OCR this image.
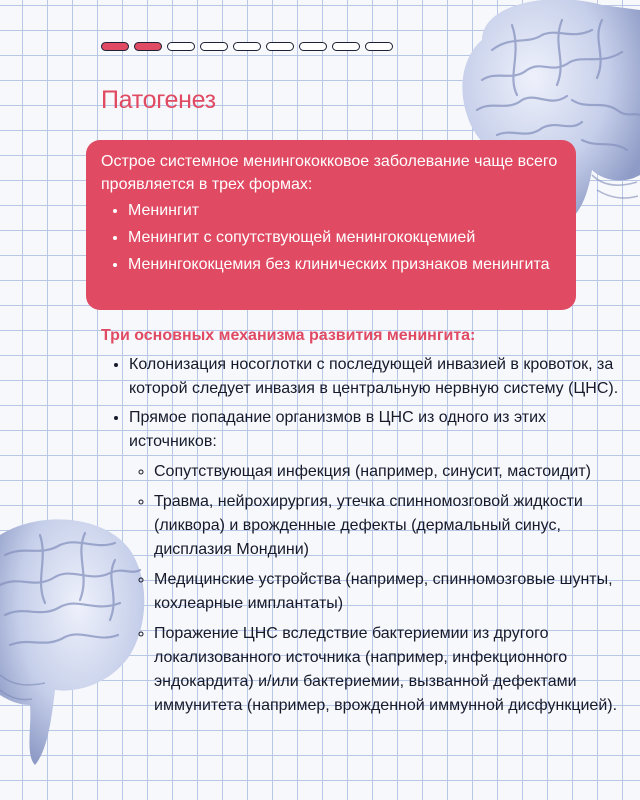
Патогенез

Острое системное менингококковое заболевание чаще всего проявляется в трех формах:

• Менингит
• Менингит с сопутствующей менингококцемией
• Менингококцемия без клинических признаков менингита
Три основных механизма развития менингита:
• Колонизация носоглотки с последующей инвазией в кровоток, за которой следует инвазия в центральную нервную систему (ЦНС).
• Прямое попадание организмов в ЦНС из одного из этих источников:
◦ Сопутствующая инфекция (например, синусит, мастоидит)
◦ Травма, нейрохирургия, утечка спинномозговой жидкости (ликвора) и врожденные дефекты (дермальный синус, дисплазия Мондини)
◦ Медицинские устройства (например, спинномозговые шунты, кохлеарные имплантаты)
◦ Поражение ЦНС вследствие бактериемии из другого локализованного источника (например, инфекционного эндокардита) и/или бактериемии, вызванной дефектами иммунитета (например, врожденной иммунной дисфункцией).
